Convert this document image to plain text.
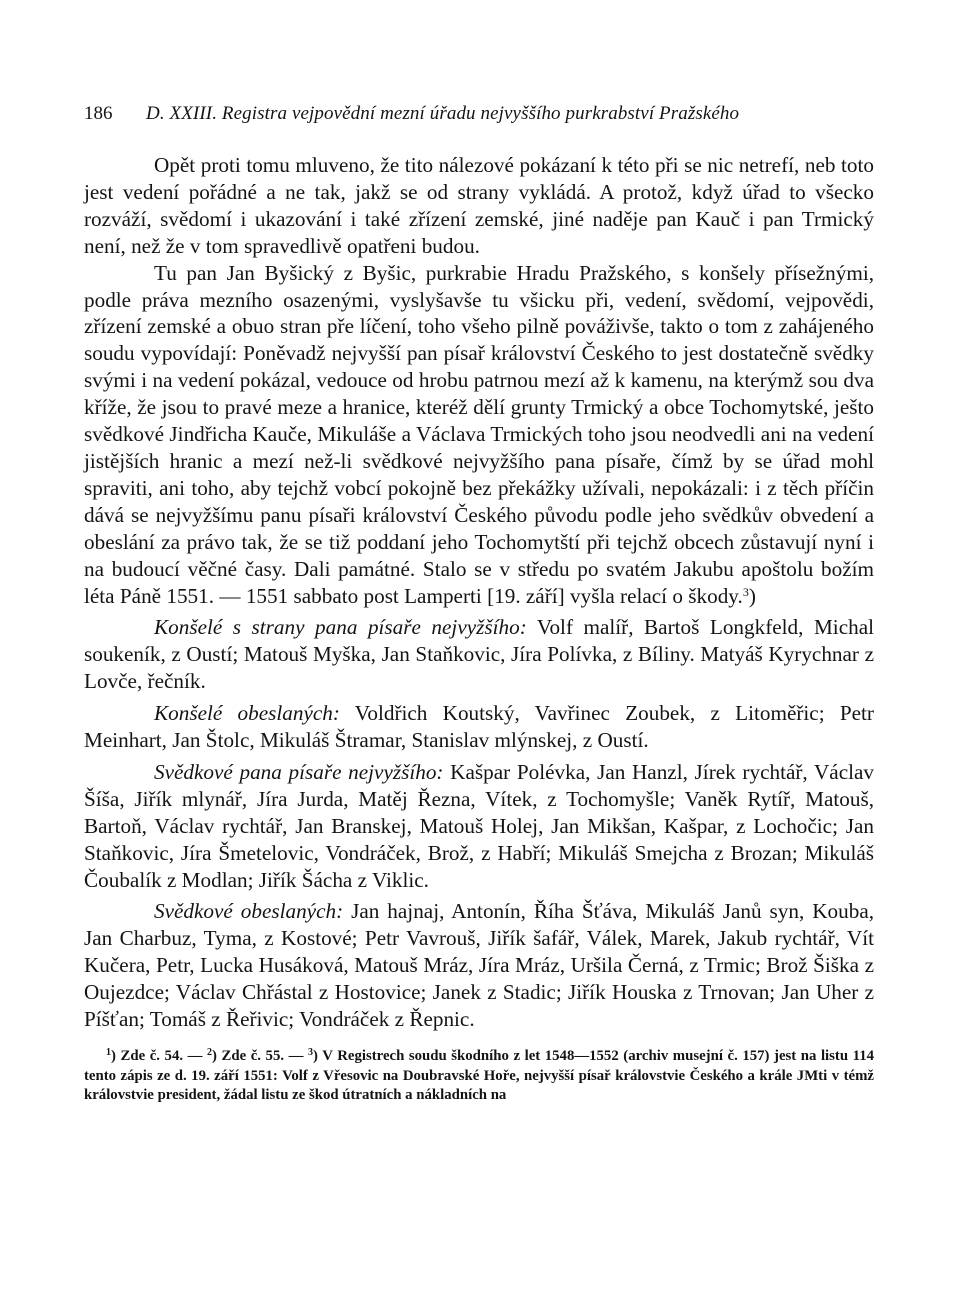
186	D. XXIII. Registra vejpovědní mezní úřadu nejvyššího purkrabství Pražského

Opět proti tomu mluveno, že tito nálezové pokázaní k této při se nic netrefí, neb toto jest vedení pořádné a ne tak, jakž se od strany vykládá. A protož, když úřad to všecko rozváží, svědomí i ukazování i také zřízení zemské, jiné naděje pan Kauč i pan Trmický není, než že v tom spravedlivě opatřeni budou.

Tu pan Jan Byšický z Byšic, purkrabie Hradu Pražského, s konšely přísežnými, podle práva mezního osazenými, vyslyšavše tu všicku při, vedení, svědomí, vejpovědi, zřízení zemské a obuo stran pře líčení, toho všeho pilně pováživše, takto o tom z zahájeného soudu vypovídají: Poněvadž nejvyšší pan písař království Českého to jest dostatečně svědky svými i na vedení pokázal, vedouce od hrobu patrnou mezí až k kamenu, na kterýmž sou dva kříže, že jsou to pravé meze a hranice, kteréž dělí grunty Trmický a obce Tochomytské, ješto svědkové Jindřicha Kauče, Mikuláše a Václava Trmických toho jsou neodvedli ani na vedení jistějších hranic a mezí než-li svědkové nejvyžšího pana písaře, čímž by se úřad mohl spraviti, ani toho, aby tejchž vobcí pokojně bez překážky užívali, nepokázali: i z těch příčin dává se nejvyžšímu panu písaři království Českého původu podle jeho svědkův obvedení a obeslání za právo tak, že se tiž poddaní jeho Tochomytští při tejchž obcech zůstavují nyní i na budoucí věčné časy. Dali památné. Stalo se v středu po svatém Jakubu apoštolu božím léta Páně 1551. — 1551 sabbato post Lamperti [19. září] vyšla relací o škody.$^3$)

Konšelé s strany pana písaře nejvyžšího: Volf malíř, Bartoš Longkfeld, Michal soukeník, z Oustí; Matouš Myška, Jan Staňkovic, Jíra Polívka, z Bíliny. Matyáš Kyrychnar z Lovče, řečník.

Konšelé obeslaných: Voldřich Koutský, Vavřinec Zoubek, z Litoměřic; Petr Meinhart, Jan Štolc, Mikuláš Štramar, Stanislav mlýnskej, z Oustí.

Svědkové pana písaře nejvyžšího: Kašpar Polévka, Jan Hanzl, Jírek rychtář, Václav Šíša, Jiřík mlynář, Jíra Jurda, Matěj Řezna, Vítek, z Tochomyšle; Vaněk Rytíř, Matouš, Bartoň, Václav rychtář, Jan Branskej, Matouš Holej, Jan Mikšan, Kašpar, z Lochočic; Jan Staňkovic, Jíra Šmetelovic, Vondráček, Brož, z Habří; Mikuláš Smejcha z Brozan; Mikuláš Čoubalík z Modlan; Jiřík Šácha z Viklic.

Svědkové obeslaných: Jan hajnaj, Antonín, Říha Šťáva, Mikuláš Janů syn, Kouba, Jan Charbuz, Tyma, z Kostové; Petr Vavrouš, Jiřík šafář, Válek, Marek, Jakub rychtář, Vít Kučera, Petr, Lucka Husáková, Matouš Mráz, Jíra Mráz, Uršila Černá, z Trmic; Brož Šiška z Oujezdce; Václav Chřástal z Hostovice; Janek z Stadic; Jiřík Houska z Trnovan; Jan Uher z Píšťan; Tomáš z Řeřivic; Vondráček z Řepnic.

$^1$) Zde č. 54. — $^2$) Zde č. 55. — $^3$) V Registrech soudu škodního z let 1548—1552 (archiv musejní č. 157) jest na listu 114 tento zápis ze d. 19. září 1551: Volf z Vřesovic na Doubravské Hoře, nejvyšší písař královstvie Českého a krále JMti v témž královstvie president, žádal listu ze škod útratních a nákladních na
